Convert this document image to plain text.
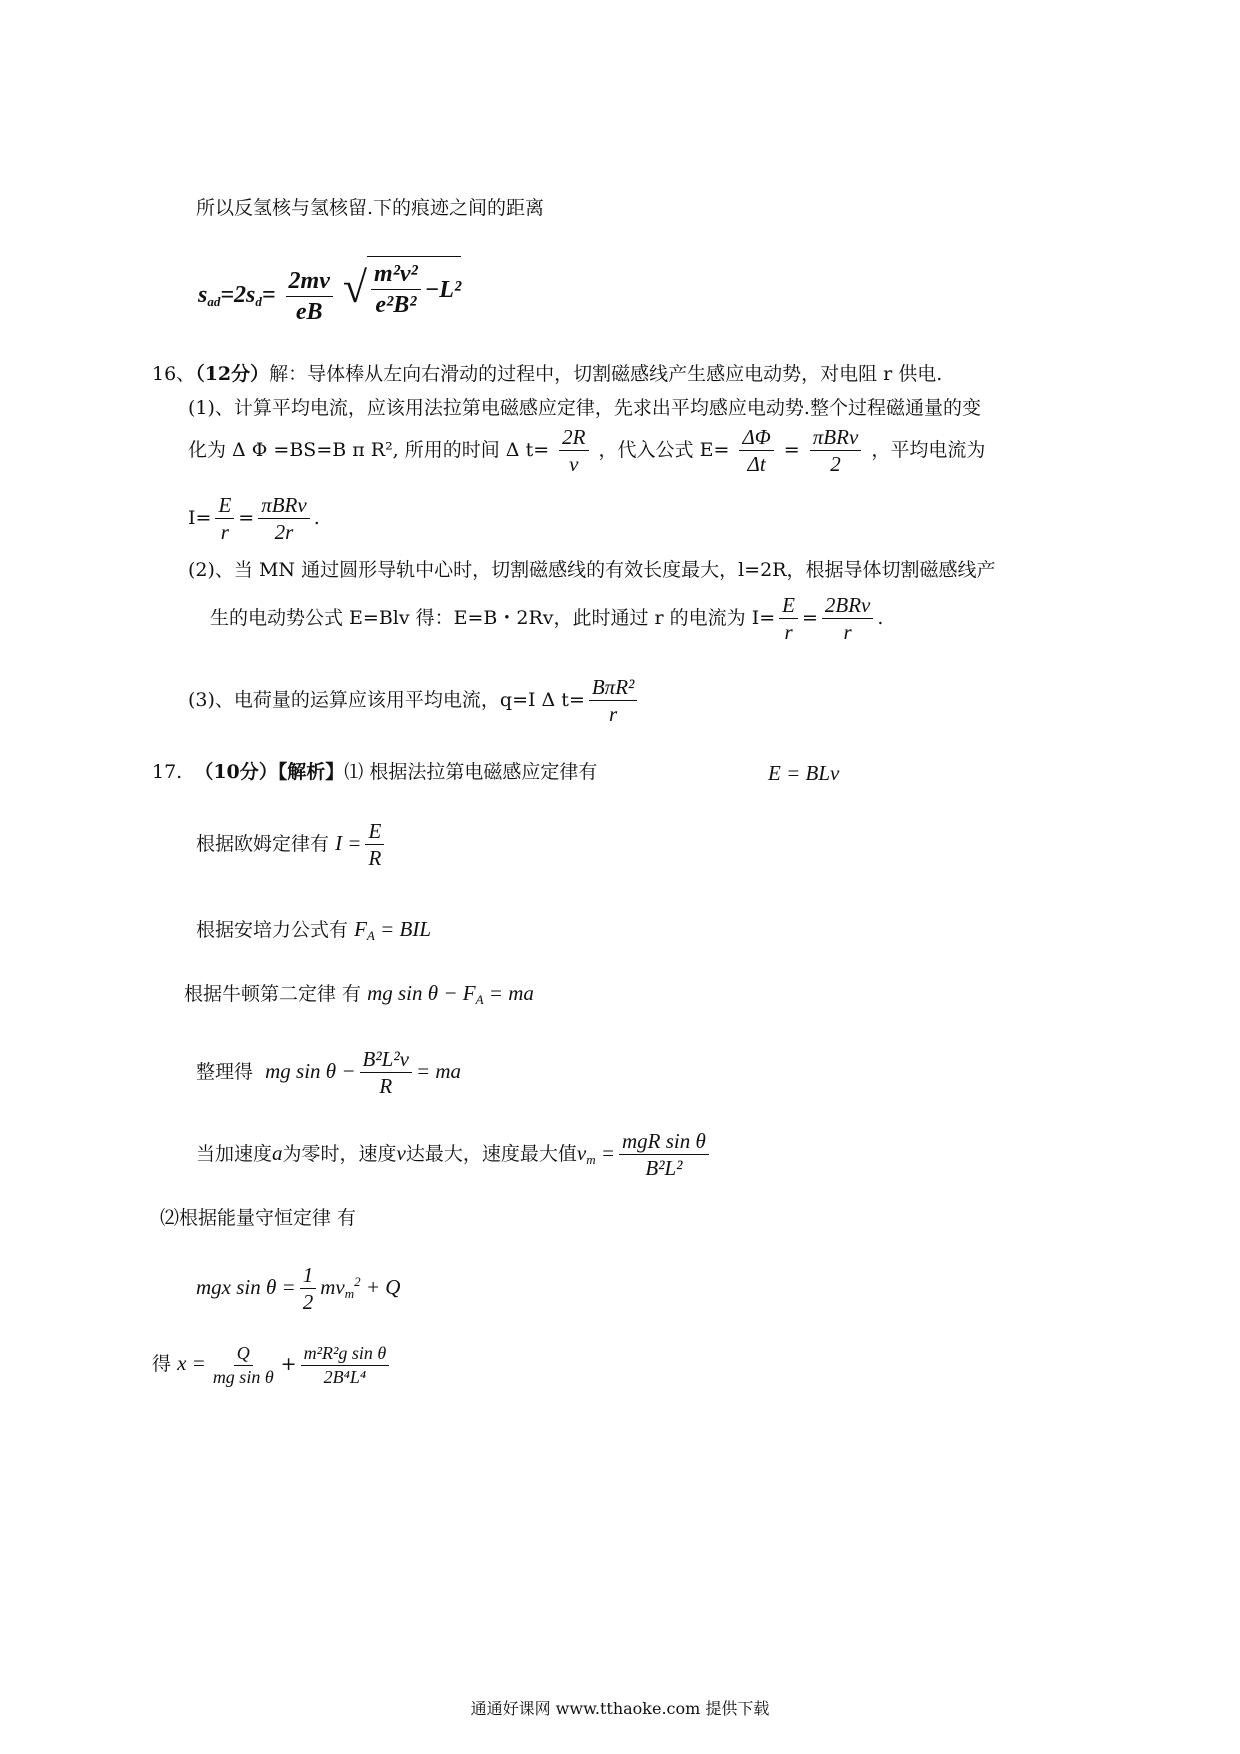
所以反氢核与氢核留.下的痕迹之间的距离
$s_{ad}=2s_d= \frac{2mv}{eB}$
√ $\frac{\text{m²v²}}{\text{e²B²}} -L^2$
16、（12分）解：导体棒从左向右滑动的过程中，切割磁感线产生感应电动势，对电阻 r 供电.
(1)、计算平均电流，应该用法拉第电磁感应定律，先求出平均感应电动势.整个过程磁通量的变
化为 Δ Φ =BS=B π R², 所用的时间 Δ $t= \frac{2R}{v}$ ，代入公式 $E= \frac{\Delta\Phi}{\Delta t} = \frac{\text{πBRv}}{2}$ ，平均电流为
$I= \frac{E}{r} = \frac{\text{πBRv}}{2r}$ .
(2)、当 MN 通过圆形导轨中心时，切割磁感线的有效长度最大，l=2R，根据导体切割磁感线产
生的电动势公式 E=Blv 得：E=B・2Rv，此时通过 r 的电流为 $I= \frac{E}{r} = \frac{\text{2BRv}}{r}$ .
(3)、电荷量的运算应该用平均电流，q=I Δ $t= \frac{\text{BπR²}}{r}$
17. （10分）【解析】⑴ 根据法拉第电磁感应定律有	E = BLv
根据欧姆定律有 $I = \frac{E}{R}$
根据安培力公式有 $F_A$ = BIL
根据牛顿第二定律 有 mg $\sin \theta - F_A$ = ma
整理得 mg $\sin \theta - \frac{\text{B²L²v}}{R}$ = ma
当加速度a为零时，速度v达最大，速度最大值$v_m = \frac{\text{mgR sin θ}}{\text{B²L²}}$
⑵根据能量守恒定律 有
mgx $\sin \theta = \frac{1}{2} mv_m^2 + Q$
得 $x = \frac{Q}{\text{mg sin θ}} + \frac{\text{m²R²g sin θ}}{\text{2B⁴L⁴}}$
通通好课网 www.tthaoke.com 提供下载
